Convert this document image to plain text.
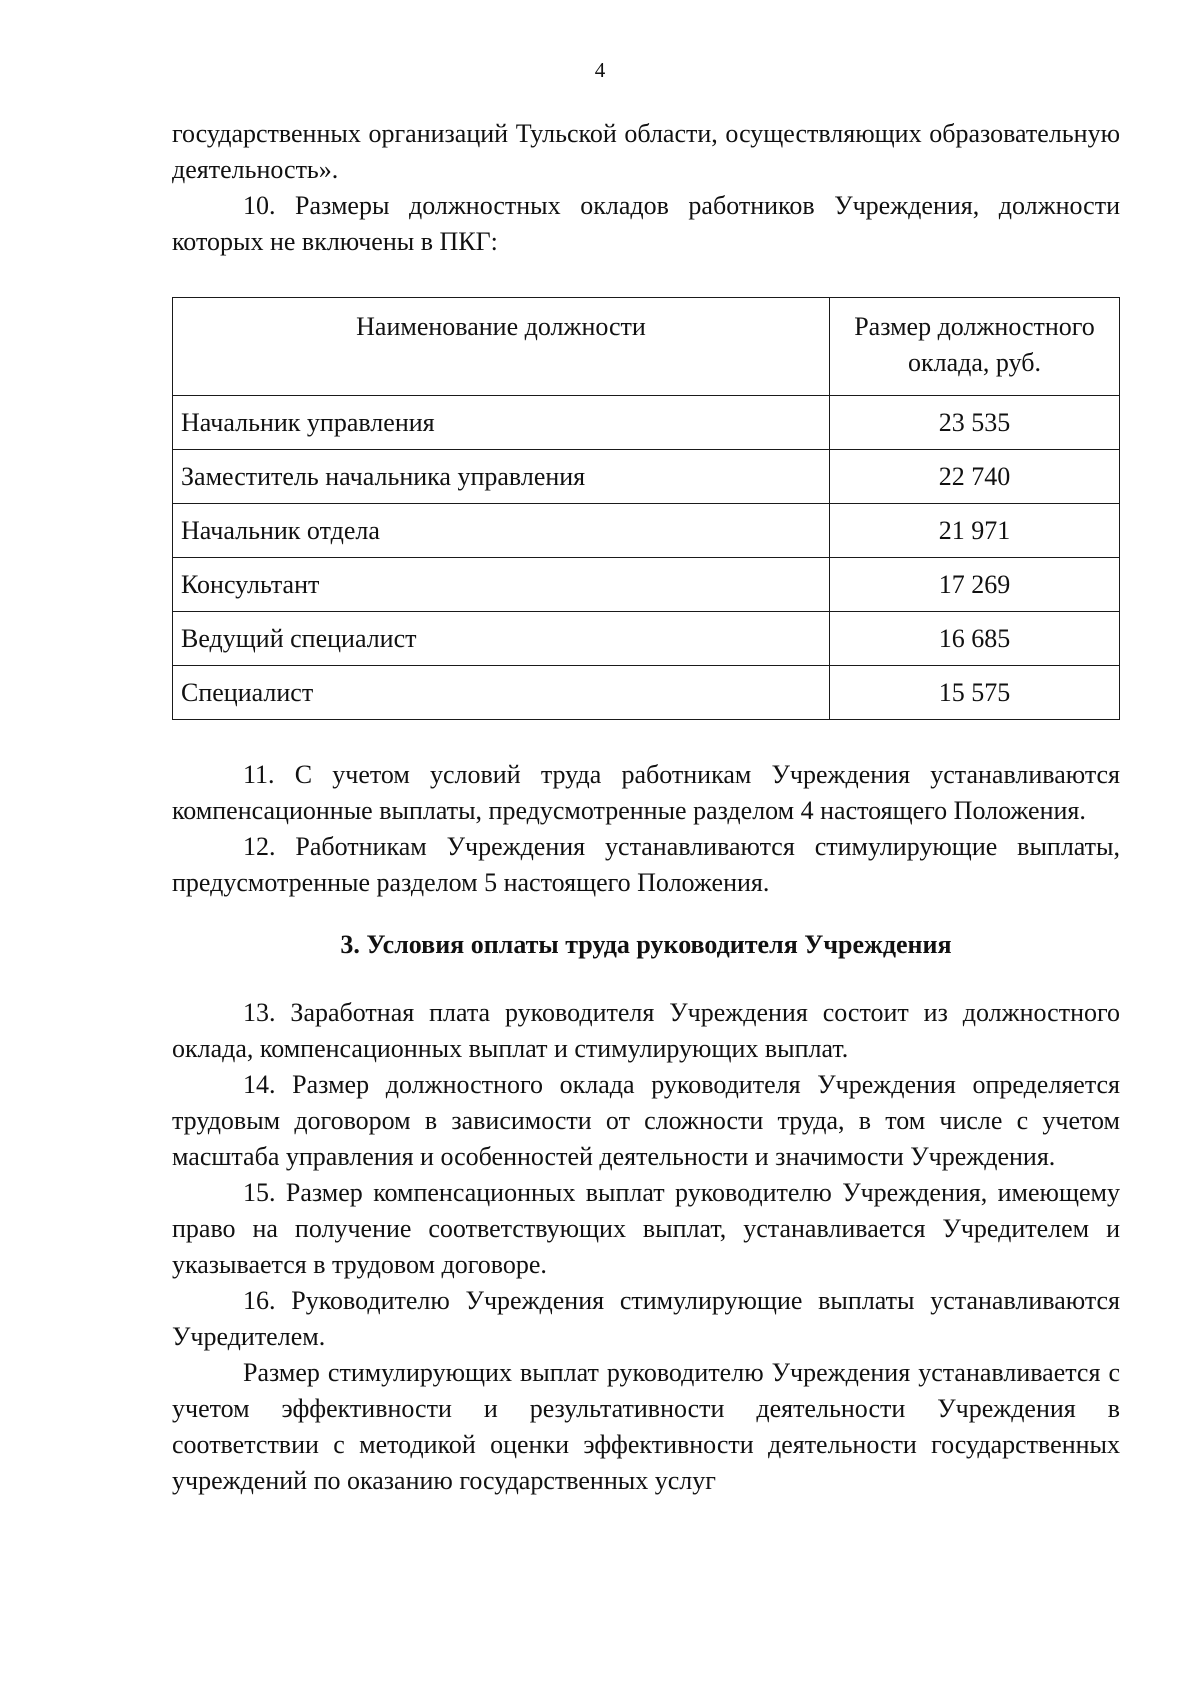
4

государственных организаций Тульской области, осуществляющих образовательную деятельность».

10. Размеры должностных окладов работников Учреждения, должности которых не включены в ПКГ:

Наименование должности	Размер должностного оклада, руб.
Начальник управления	23 535
Заместитель начальника управления	22 740
Начальник отдела	21 971
Консультант	17 269
Ведущий специалист	16 685
Специалист	15 575

11. С учетом условий труда работникам Учреждения устанавливаются компенсационные выплаты, предусмотренные разделом 4 настоящего Положения.

12. Работникам Учреждения устанавливаются стимулирующие выплаты, предусмотренные разделом 5 настоящего Положения.

3. Условия оплаты труда руководителя Учреждения

13. Заработная плата руководителя Учреждения состоит из должностного оклада, компенсационных выплат и стимулирующих выплат.

14. Размер должностного оклада руководителя Учреждения определяется трудовым договором в зависимости от сложности труда, в том числе с учетом масштаба управления и особенностей деятельности и значимости Учреждения.

15. Размер компенсационных выплат руководителю Учреждения, имеющему право на получение соответствующих выплат, устанавливается Учредителем и указывается в трудовом договоре.

16. Руководителю Учреждения стимулирующие выплаты устанавливаются Учредителем.

Размер стимулирующих выплат руководителю Учреждения устанавливается с учетом эффективности и результативности деятельности Учреждения в соответствии с методикой оценки эффективности деятельности государственных учреждений по оказанию государственных услуг
